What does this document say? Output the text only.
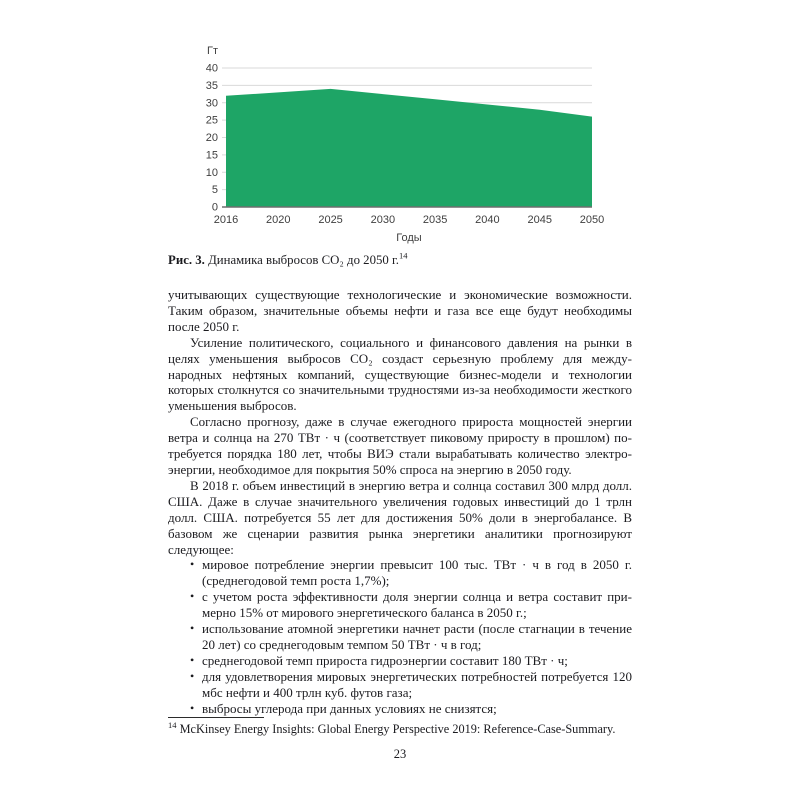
0
5
10
15
20
25
30
35
40
Гт
2016	2020	2025	2030	2035	2040	2045	2050
Годы

Рис. 3. Динамика выбросов CO₂ до 2050 г.$^{14}$

учитывающих существующие технологические и экономические возможности. Таким образом, значительные объемы нефти и газа все еще будут необходимы после 2050 г.

Усиление политического, социального и финансового давления на рынки в целях уменьшения выбросов CO₂ создаст серьезную проблему для международных нефтяных компаний, существующие бизнес-модели и технологии которых столкнутся со значительными трудностями из-за необходимости жесткого уменьшения выбросов.

Согласно прогнозу, даже в случае ежегодного прироста мощностей энергии ветра и солнца на 270 ТВт · ч (соответствует пиковому приросту в прошлом) потребуется порядка 180 лет, чтобы ВИЭ стали вырабатывать количество электроэнергии, необходимое для покрытия 50% спроса на энергию в 2050 году.

В 2018 г. объем инвестиций в энергию ветра и солнца составил 300 млрд долл. США. Даже в случае значительного увеличения годовых инвестиций до 1 трлн долл. США. потребуется 55 лет для достижения 50% доли в энергобалансе. В базовом же сценарии развития рынка энергетики аналитики прогнозируют следующее:

• мировое потребление энергии превысит 100 тыс. ТВт · ч в год в 2050 г. (среднегодовой темп роста 1,7%);
• с учетом роста эффективности доля энергии солнца и ветра составит примерно 15% от мирового энергетического баланса в 2050 г.;
• использование атомной энергетики начнет расти (после стагнации в течение 20 лет) со среднегодовым темпом 50 ТВт · ч в год;
• среднегодовой темп прироста гидроэнергии составит 180 ТВт · ч;
• для удовлетворения мировых энергетических потребностей потребуется 120 мбс нефти и 400 трлн куб. футов газа;
• выбросы углерода при данных условиях не снизятся;

$^{14}$ McKinsey Energy Insights: Global Energy Perspective 2019: Reference-Case-Summary.

23
